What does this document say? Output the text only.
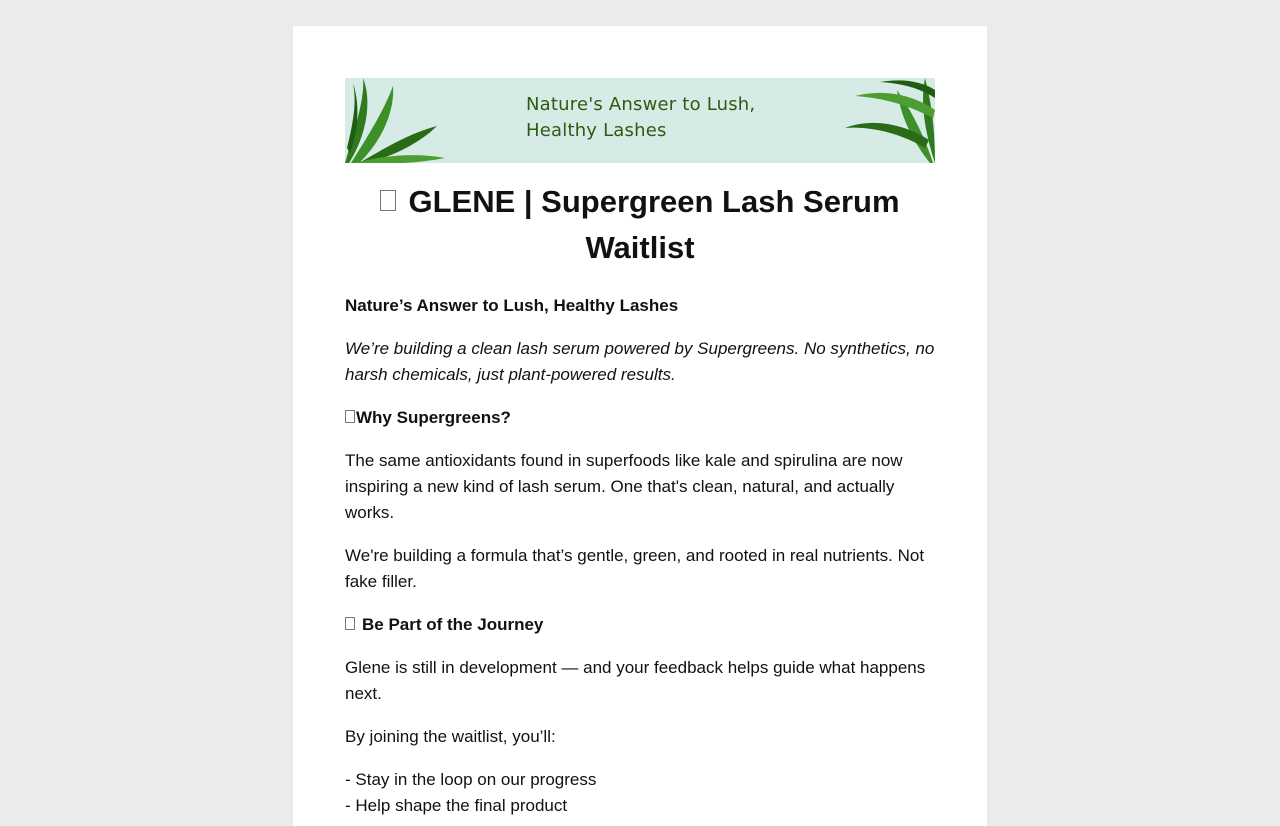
Nature's Answer to Lush,
Healthy Lashes
GLENE | Supergreen Lash Serum Waitlist
Nature’s Answer to Lush, Healthy Lashes

We’re building a clean lash serum powered by Supergreens. No synthetics, no harsh chemicals, just plant-powered results.

Why Supergreens?

The same antioxidants found in superfoods like kale and spirulina are now inspiring a new kind of lash serum. One that's clean, natural, and actually works.

We're building a formula that’s gentle, green, and rooted in real nutrients. Not fake filler.

Be Part of the Journey

Glene is still in development — and your feedback helps guide what happens next.

By joining the waitlist, you’ll:

- Stay in the loop on our progress

- Help shape the final product
